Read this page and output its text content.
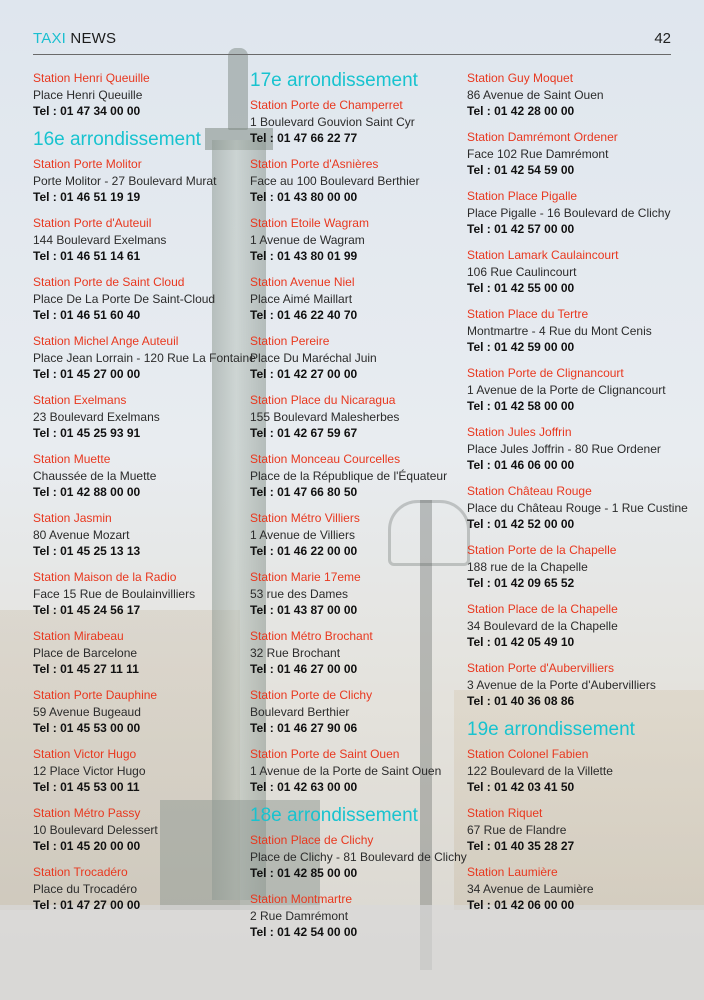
TAXI NEWS	42
Station Henri Queuille
Place Henri Queuille
Tel : 01 47 34 00 00
16e arrondissement
Station Porte Molitor
Porte Molitor - 27 Boulevard Murat
Tel : 01 46 51 19 19
Station Porte d'Auteuil
144 Boulevard Exelmans
Tel : 01 46 51 14 61
Station Porte de Saint Cloud
Place De La Porte De Saint-Cloud
Tel : 01 46 51 60 40
Station Michel Ange Auteuil
Place Jean Lorrain - 120 Rue La Fontaine
Tel : 01 45 27 00 00
Station Exelmans
23 Boulevard Exelmans
Tel : 01 45 25 93 91
Station Muette
Chaussée de la Muette
Tel : 01 42 88 00 00
Station Jasmin
80 Avenue Mozart
Tel : 01 45 25 13 13
Station Maison de la Radio
Face 15 Rue de Boulainvilliers
Tel : 01 45 24 56 17
Station Mirabeau
Place de Barcelone
Tel : 01 45 27 11 11
Station Porte Dauphine
59 Avenue Bugeaud
Tel : 01 45 53 00 00
Station Victor Hugo
12 Place Victor Hugo
Tel : 01 45 53 00 11
Station Métro Passy
10 Boulevard Delessert
Tel : 01 45 20 00 00
Station Trocadéro
Place du Trocadéro
Tel : 01 47 27 00 00
17e arrondissement
Station Porte de Champerret
1 Boulevard Gouvion Saint Cyr
Tel : 01 47 66 22 77
Station Porte d'Asnières
Face au 100 Boulevard Berthier
Tel : 01 43 80 00 00
Station Etoile Wagram
1 Avenue de Wagram
Tel : 01 43 80 01 99
Station Avenue Niel
Place Aimé Maillart
Tel : 01 46 22 40 70
Station Pereire
Place Du Maréchal Juin
Tel : 01 42 27 00 00
Station Place du Nicaragua
155 Boulevard Malesherbes
Tel : 01 42 67 59 67
Station Monceau Courcelles
Place de la République de l'Équateur
Tel : 01 47 66 80 50
Station Métro Villiers
1 Avenue de Villiers
Tel : 01 46 22 00 00
Station Marie 17eme
53 rue des Dames
Tel : 01 43 87 00 00
Station Métro Brochant
32 Rue Brochant
Tel : 01 46 27 00 00
Station Porte de Clichy
Boulevard Berthier
Tel : 01 46 27 90 06
Station Porte de Saint Ouen
1 Avenue de la Porte de Saint Ouen
Tel : 01 42 63 00 00
18e arrondissement
Station Place de Clichy
Place de Clichy - 81 Boulevard de Clichy
Tel : 01 42 85 00 00
Station Montmartre
2 Rue Damrémont
Tel : 01 42 54 00 00
Station Guy Moquet
86 Avenue de Saint Ouen
Tel : 01 42 28 00 00
Station Damrémont Ordener
Face 102 Rue Damrémont
Tel : 01 42 54 59 00
Station Place Pigalle
Place Pigalle - 16 Boulevard de Clichy
Tel : 01 42 57 00 00
Station Lamark Caulaincourt
106 Rue Caulincourt
Tel : 01 42 55 00 00
Station Place du Tertre
Montmartre - 4 Rue du Mont Cenis
Tel : 01 42 59 00 00
Station Porte de Clignancourt
1 Avenue de la Porte de Clignancourt
Tel : 01 42 58 00 00
Station Jules Joffrin
Place Jules Joffrin - 80 Rue Ordener
Tel : 01 46 06 00 00
Station Château Rouge
Place du Château Rouge - 1 Rue Custine
Tel : 01 42 52 00 00
Station Porte de la Chapelle
188 rue de la Chapelle
Tel : 01 42 09 65 52
Station Place de la Chapelle
34 Boulevard de la Chapelle
Tel : 01 42 05 49 10
Station Porte d'Aubervilliers
3 Avenue de la Porte d'Aubervilliers
Tel : 01 40 36 08 86
19e arrondissement
Station Colonel Fabien
122 Boulevard de la Villette
Tel : 01 42 03 41 50
Station Riquet
67 Rue de Flandre
Tel : 01 40 35 28 27
Station Laumière
34 Avenue de Laumière
Tel : 01 42 06 00 00
